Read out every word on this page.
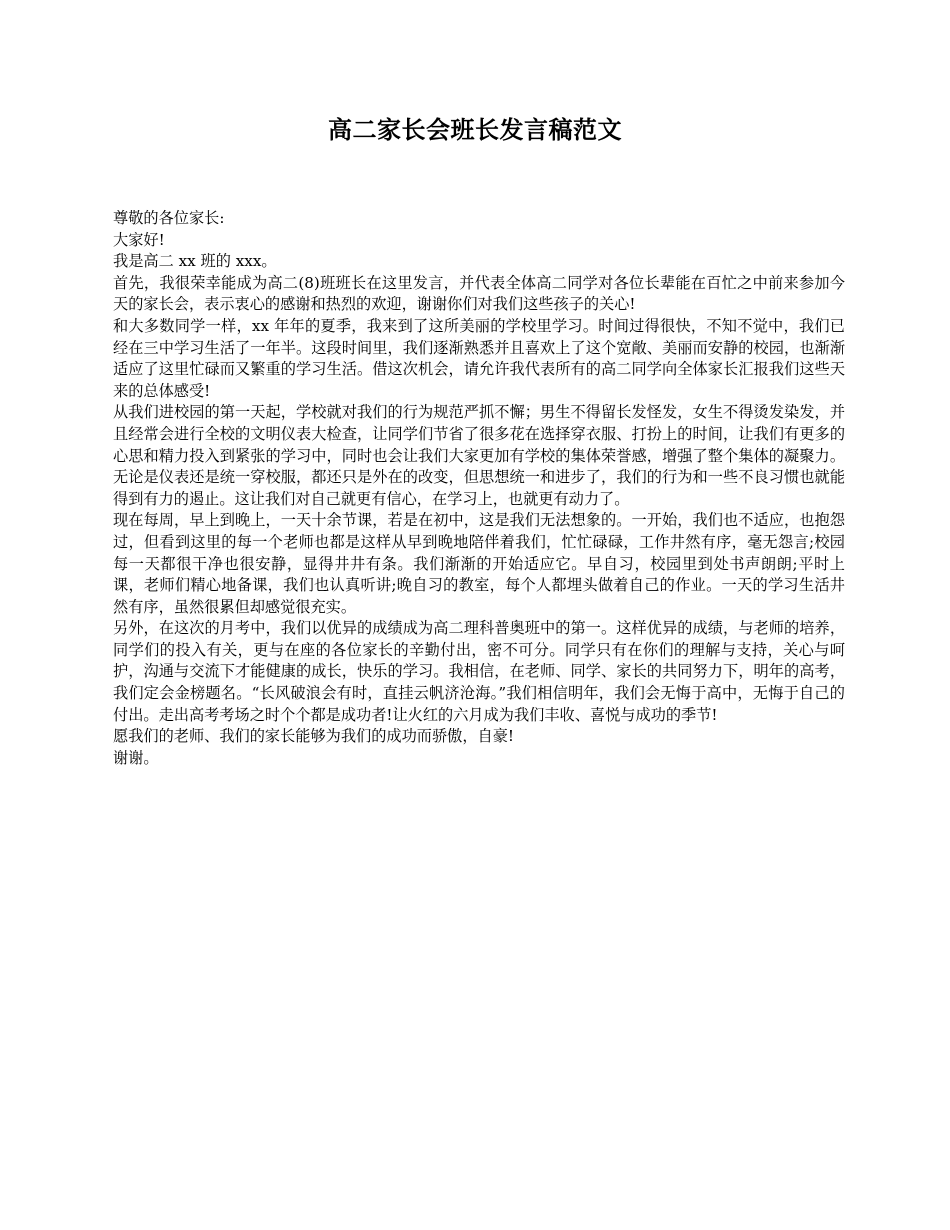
高二家长会班长发言稿范文

尊敬的各位家长:

大家好!

我是高二 xx 班的 xxx。

首先，我很荣幸能成为高二(8)班班长在这里发言，并代表全体高二同学对各位长辈能在百忙之中前来参加今天的家长会，表示衷心的感谢和热烈的欢迎，谢谢你们对我们这些孩子的关心!

和大多数同学一样，xx 年年的夏季，我来到了这所美丽的学校里学习。时间过得很快，不知不觉中，我们已经在三中学习生活了一年半。这段时间里，我们逐渐熟悉并且喜欢上了这个宽敞、美丽而安静的校园，也渐渐适应了这里忙碌而又繁重的学习生活。借这次机会，请允许我代表所有的高二同学向全体家长汇报我们这些天来的总体感受!

从我们进校园的第一天起，学校就对我们的行为规范严抓不懈；男生不得留长发怪发，女生不得烫发染发，并且经常会进行全校的文明仪表大检查，让同学们节省了很多花在选择穿衣服、打扮上的时间，让我们有更多的心思和精力投入到紧张的学习中，同时也会让我们大家更加有学校的集体荣誉感，增强了整个集体的凝聚力。无论是仪表还是统一穿校服，都还只是外在的改变，但思想统一和进步了，我们的行为和一些不良习惯也就能得到有力的遏止。这让我们对自己就更有信心，在学习上，也就更有动力了。

现在每周，早上到晚上，一天十余节课，若是在初中，这是我们无法想象的。一开始，我们也不适应，也抱怨过，但看到这里的每一个老师也都是这样从早到晚地陪伴着我们，忙忙碌碌，工作井然有序，毫无怨言;校园每一天都很干净也很安静，显得井井有条。我们渐渐的开始适应它。早自习，校园里到处书声朗朗;平时上课，老师们精心地备课，我们也认真听讲;晚自习的教室，每个人都埋头做着自己的作业。一天的学习生活井然有序，虽然很累但却感觉很充实。

另外，在这次的月考中，我们以优异的成绩成为高二理科普奥班中的第一。这样优异的成绩，与老师的培养，同学们的投入有关，更与在座的各位家长的辛勤付出，密不可分。同学只有在你们的理解与支持，关心与呵护，沟通与交流下才能健康的成长，快乐的学习。我相信，在老师、同学、家长的共同努力下，明年的高考，我们定会金榜题名。“长风破浪会有时，直挂云帆济沧海。”我们相信明年，我们会无悔于高中，无悔于自己的付出。走出高考考场之时个个都是成功者!让火红的六月成为我们丰收、喜悦与成功的季节!

愿我们的老师、我们的家长能够为我们的成功而骄傲，自豪!

谢谢。
